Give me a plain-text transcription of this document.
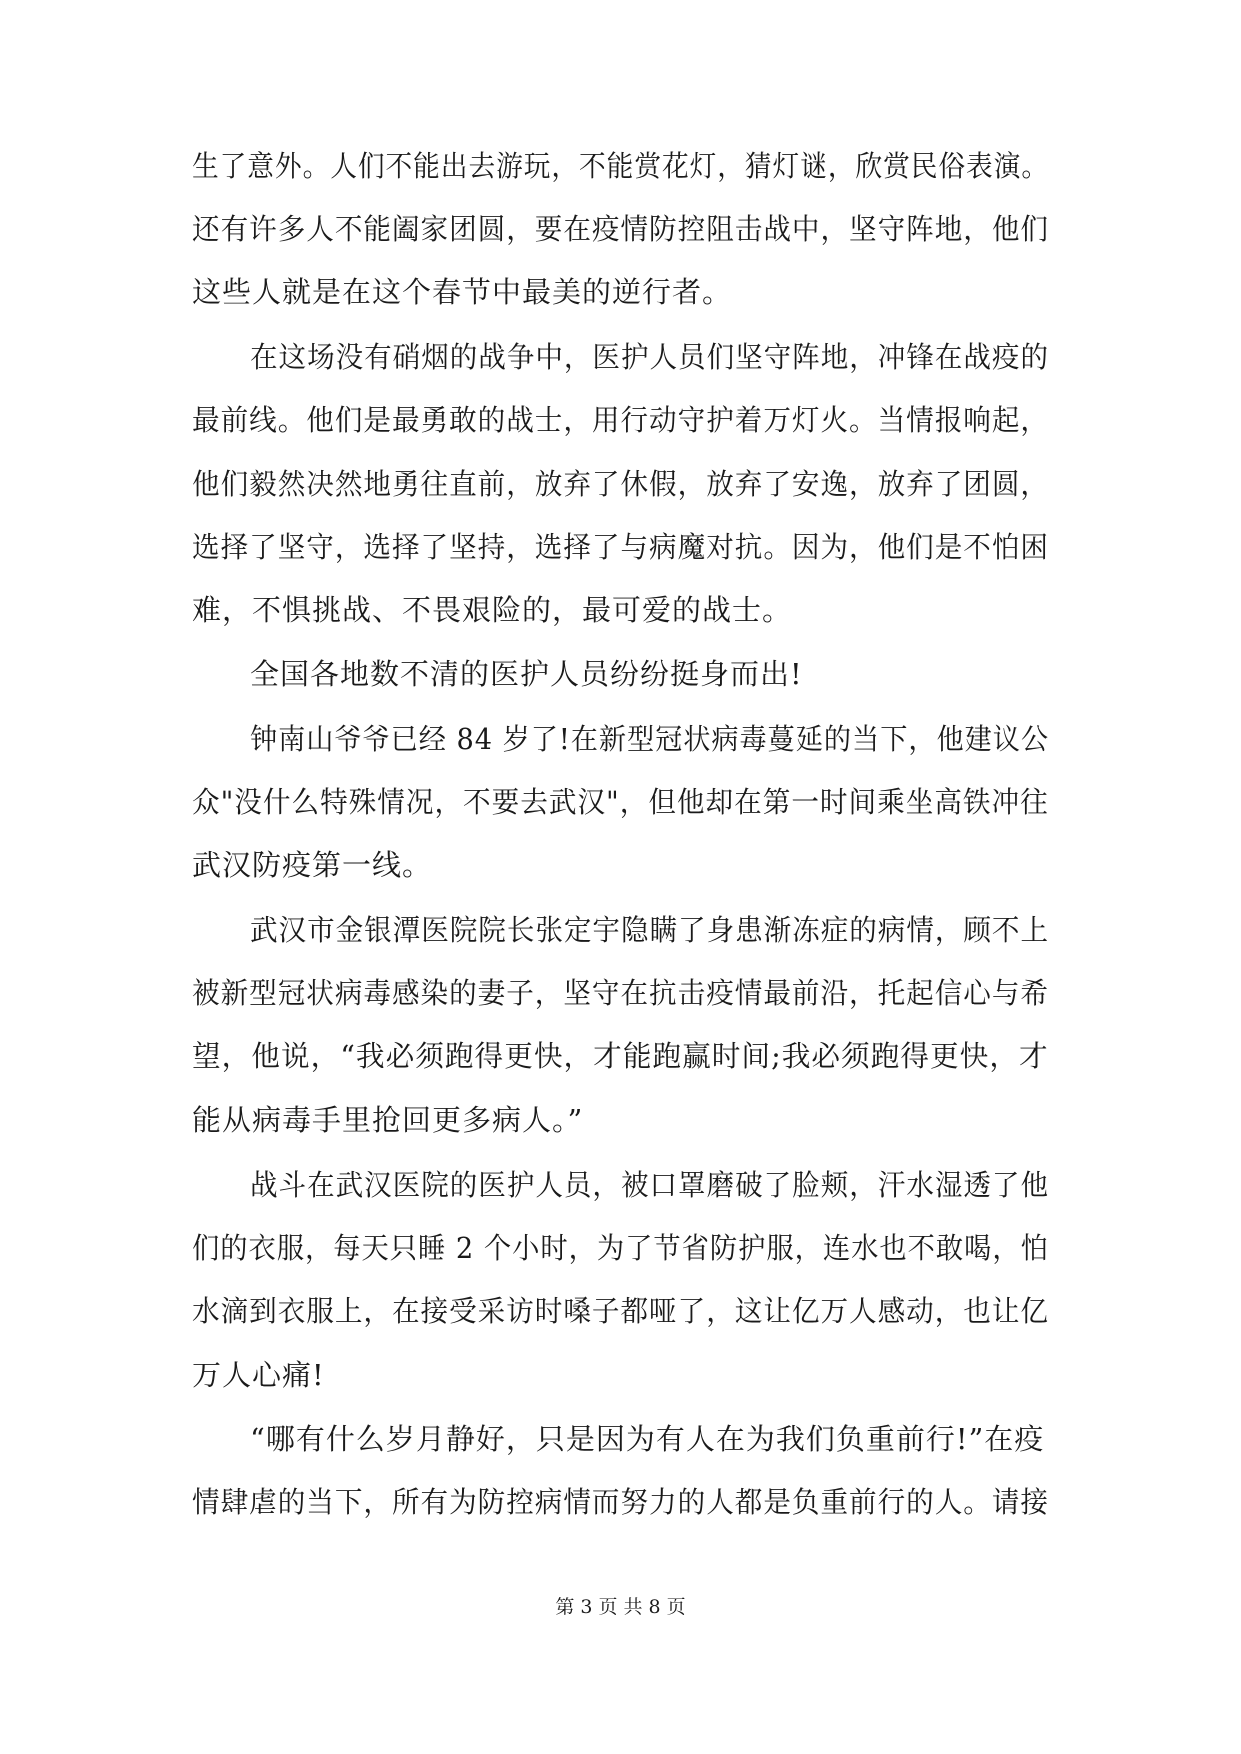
生了意外。人们不能出去游玩，不能赏花灯，猜灯谜，欣赏民俗表演。
还有许多人不能阖家团圆，要在疫情防控阻击战中，坚守阵地，他们
这些人就是在这个春节中最美的逆行者。
在这场没有硝烟的战争中，医护人员们坚守阵地，冲锋在战疫的
最前线。他们是最勇敢的战士，用行动守护着万灯火。当情报响起，
他们毅然决然地勇往直前，放弃了休假，放弃了安逸，放弃了团圆，
选择了坚守，选择了坚持，选择了与病魔对抗。因为，他们是不怕困
难，不惧挑战、不畏艰险的，最可爱的战士。
全国各地数不清的医护人员纷纷挺身而出!
钟南山爷爷已经 84 岁了!在新型冠状病毒蔓延的当下，他建议公
众"没什么特殊情况，不要去武汉"，但他却在第一时间乘坐高铁冲往
武汉防疫第一线。
武汉市金银潭医院院长张定宇隐瞒了身患渐冻症的病情，顾不上
被新型冠状病毒感染的妻子，坚守在抗击疫情最前沿，托起信心与希
望，他说，“我必须跑得更快，才能跑赢时间;我必须跑得更快，才
能从病毒手里抢回更多病人。”
战斗在武汉医院的医护人员，被口罩磨破了脸颊，汗水湿透了他
们的衣服，每天只睡 2 个小时，为了节省防护服，连水也不敢喝，怕
水滴到衣服上，在接受采访时嗓子都哑了，这让亿万人感动，也让亿
万人心痛!
“哪有什么岁月静好，只是因为有人在为我们负重前行!”在疫
情肆虐的当下，所有为防控病情而努力的人都是负重前行的人。请接
第 3 页 共 8 页
